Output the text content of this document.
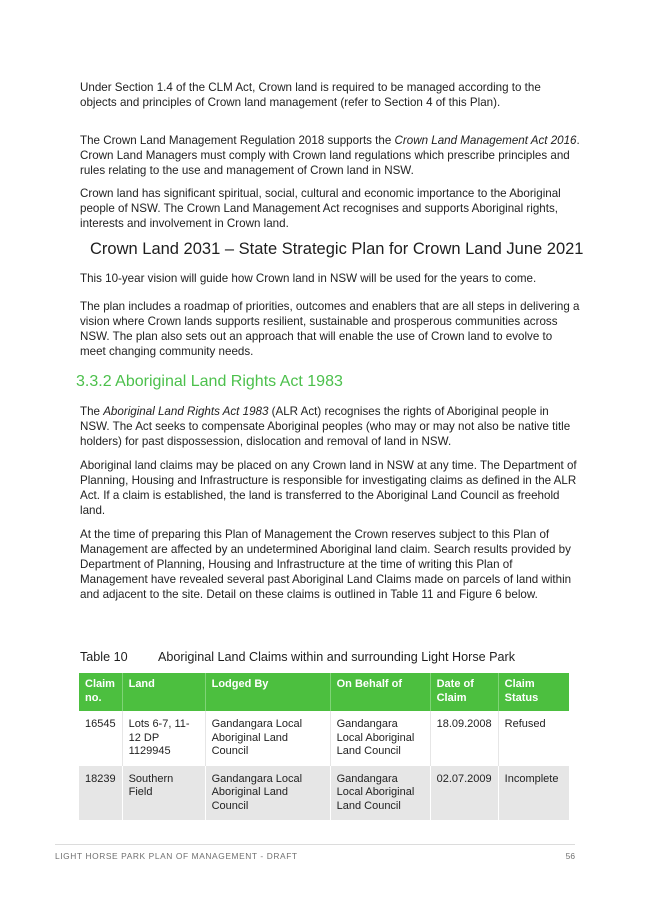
Under Section 1.4 of the CLM Act, Crown land is required to be managed according to the objects and principles of Crown land management (refer to Section 4 of this Plan).

The Crown Land Management Regulation 2018 supports the Crown Land Management Act 2016. Crown Land Managers must comply with Crown land regulations which prescribe principles and rules relating to the use and management of Crown land in NSW.

Crown land has significant spiritual, social, cultural and economic importance to the Aboriginal people of NSW. The Crown Land Management Act recognises and supports Aboriginal rights, interests and involvement in Crown land.

Crown Land 2031 – State Strategic Plan for Crown Land June 2021

This 10-year vision will guide how Crown land in NSW will be used for the years to come.

The plan includes a roadmap of priorities, outcomes and enablers that are all steps in delivering a vision where Crown lands supports resilient, sustainable and prosperous communities across NSW. The plan also sets out an approach that will enable the use of Crown land to evolve to meet changing community needs.

3.3.2 Aboriginal Land Rights Act 1983

The Aboriginal Land Rights Act 1983 (ALR Act) recognises the rights of Aboriginal people in NSW. The Act seeks to compensate Aboriginal peoples (who may or may not also be native title holders) for past dispossession, dislocation and removal of land in NSW.

Aboriginal land claims may be placed on any Crown land in NSW at any time. The Department of Planning, Housing and Infrastructure is responsible for investigating claims as defined in the ALR Act. If a claim is established, the land is transferred to the Aboriginal Land Council as freehold land.

At the time of preparing this Plan of Management the Crown reserves subject to this Plan of Management are affected by an undetermined Aboriginal land claim. Search results provided by Department of Planning, Housing and Infrastructure at the time of writing this Plan of Management have revealed several past Aboriginal Land Claims made on parcels of land within and adjacent to the site. Detail on these claims is outlined in Table 11 and Figure 6 below.

Table 10 Aboriginal Land Claims within and surrounding Light Horse Park
Claim no.	Land	Lodged By	On Behalf of	Date of Claim	Claim Status
16545	Lots 6-7, 11-12 DP 1129945	Gandangara Local Aboriginal Land Council	Gandangara Local Aboriginal Land Council	18.09.2008	Refused
18239	Southern Field	Gandangara Local Aboriginal Land Council	Gandangara Local Aboriginal Land Council	02.07.2009	Incomplete
LIGHT HORSE PARK PLAN OF MANAGEMENT - DRAFT	56
